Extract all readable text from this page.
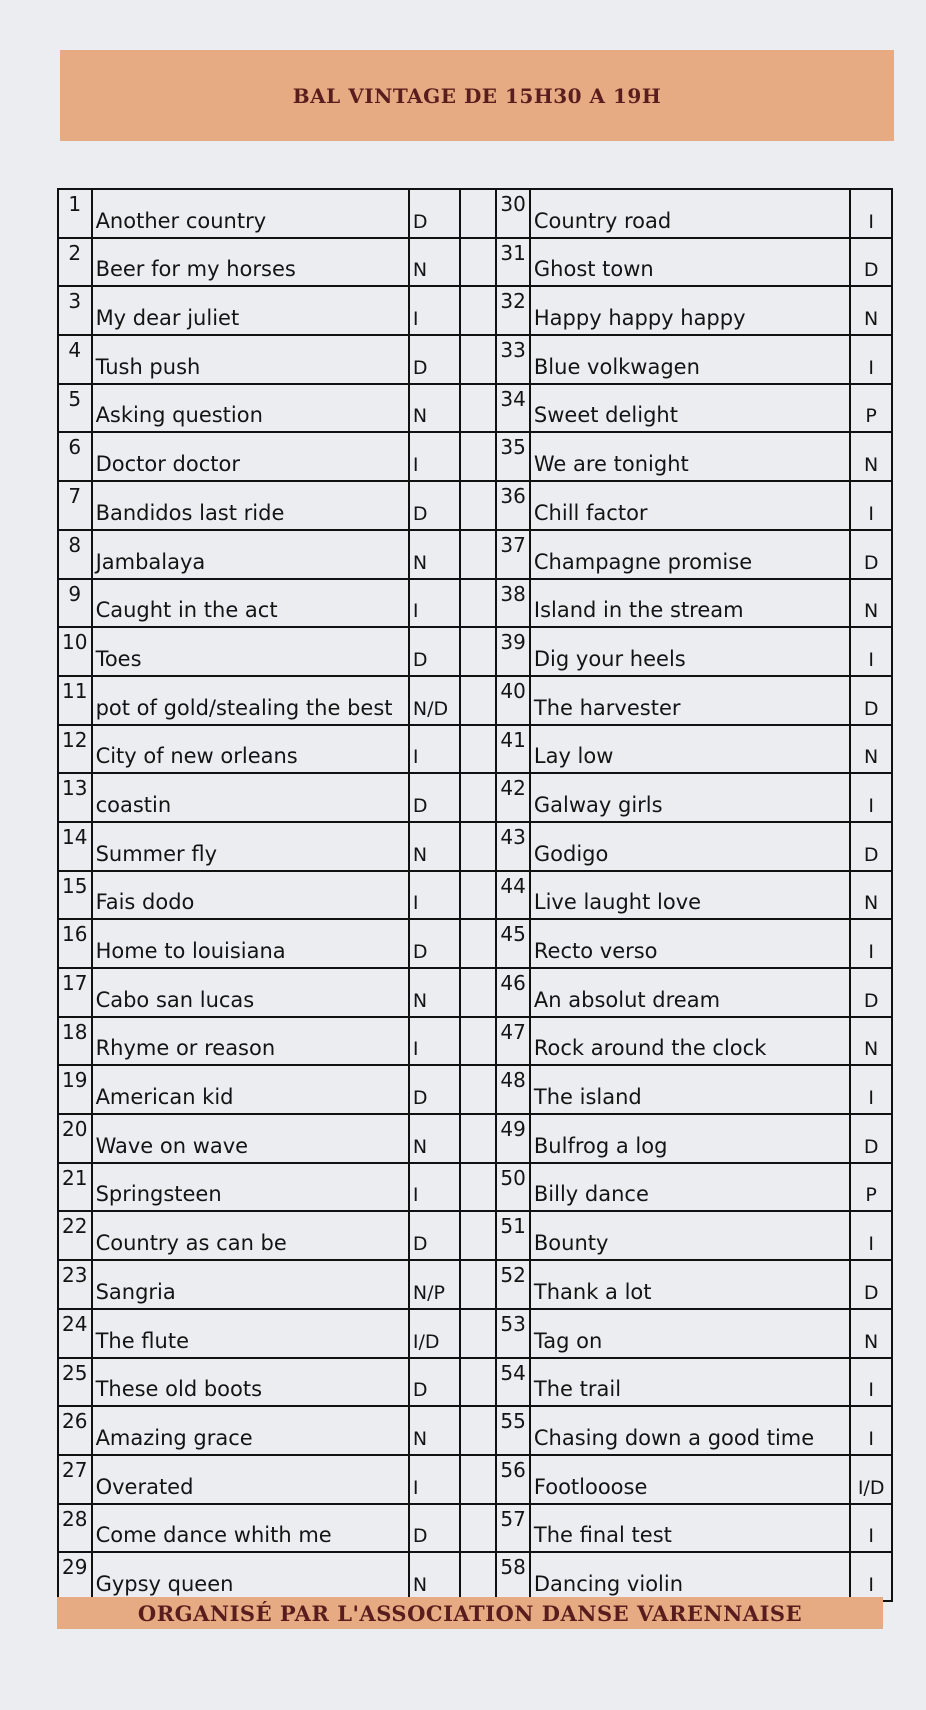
BAL VINTAGE DE 15H30 A 19H
1	Another country	D		30	Country road	I
2	Beer for my horses	N		31	Ghost town	D
3	My dear juliet	I		32	Happy happy happy	N
4	Tush push	D		33	Blue volkwagen	I
5	Asking question	N		34	Sweet delight	P
6	Doctor doctor	I		35	We are tonight	N
7	Bandidos last ride	D		36	Chill factor	I
8	Jambalaya	N		37	Champagne promise	D
9	Caught in the act	I		38	Island in the stream	N
10	Toes	D		39	Dig your heels	I
11	pot of gold/stealing the best	N/D		40	The harvester	D
12	City of new orleans	I		41	Lay low	N
13	coastin	D		42	Galway girls	I
14	Summer fly	N		43	Godigo	D
15	Fais dodo	I		44	Live laught love	N
16	Home to louisiana	D		45	Recto verso	I
17	Cabo san lucas	N		46	An absolut dream	D
18	Rhyme or reason	I		47	Rock around the clock	N
19	American kid	D		48	The island	I
20	Wave on wave	N		49	Bulfrog a log	D
21	Springsteen	I		50	Billy dance	P
22	Country as can be	D		51	Bounty	I
23	Sangria	N/P		52	Thank a lot	D
24	The flute	I/D		53	Tag on	N
25	These old boots	D		54	The trail	I
26	Amazing grace	N		55	Chasing down a good time	I
27	Overated	I		56	Footlooose	I/D
28	Come dance whith me	D		57	The final test	I
29	Gypsy queen	N		58	Dancing violin	I
ORGANISÉ PAR L'ASSOCIATION DANSE VARENNAISE
